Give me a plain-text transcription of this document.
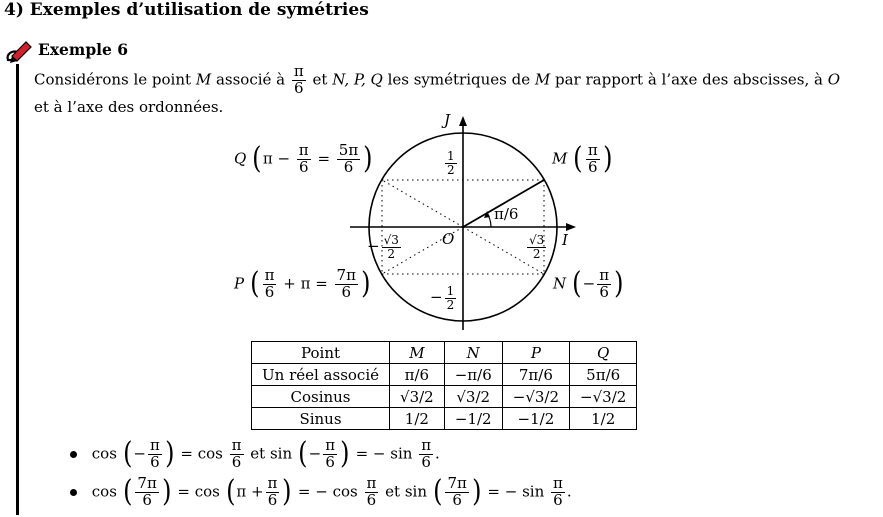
4) Exemples d’utilisation de symétries
Exemple 6
Considérons le point M associé à $\frac{\pi}{6}$ et N, P, Q les symétriques de M par rapport à l’axe des abscisses, à O
et à l’axe des ordonnées.
J
I
O
π/6
$\frac{1}{2}$
− $\frac{1}{2}$
$\frac{√3}{2}$
− $\frac{√3}{2}$
M ( $\frac{\pi}{6}$ )
Q ($\pi - \frac{\pi}{6} = \frac{5\pi}{6}$ )
P ( $\frac{\pi}{6} + \pi = \frac{7\pi}{6}$ )	N (− $\frac{\pi}{6}$ )
Point	M	N	P	Q
Un réel associé	π/6	−π/6	7π/6	5π/6
Cosinus	√3/2	√3/2	−√3/2	−√3/2
Sinus	1/2	−1/2	−1/2	1/2
cos (− $\frac{\pi}{6}$ ) = $\cos \frac{\pi}{6}$ et sin (− $\frac{\pi}{6}$ ) = − $\sin \frac{\pi}{6}$ .
cos ( $\frac{7\pi}{6}$ ) = $\cos (\pi + \frac{\pi}{6}$ ) = − $\cos \frac{\pi}{6}$ et sin ( $\frac{7\pi}{6}$ ) = − $\sin \frac{\pi}{6}$ .
